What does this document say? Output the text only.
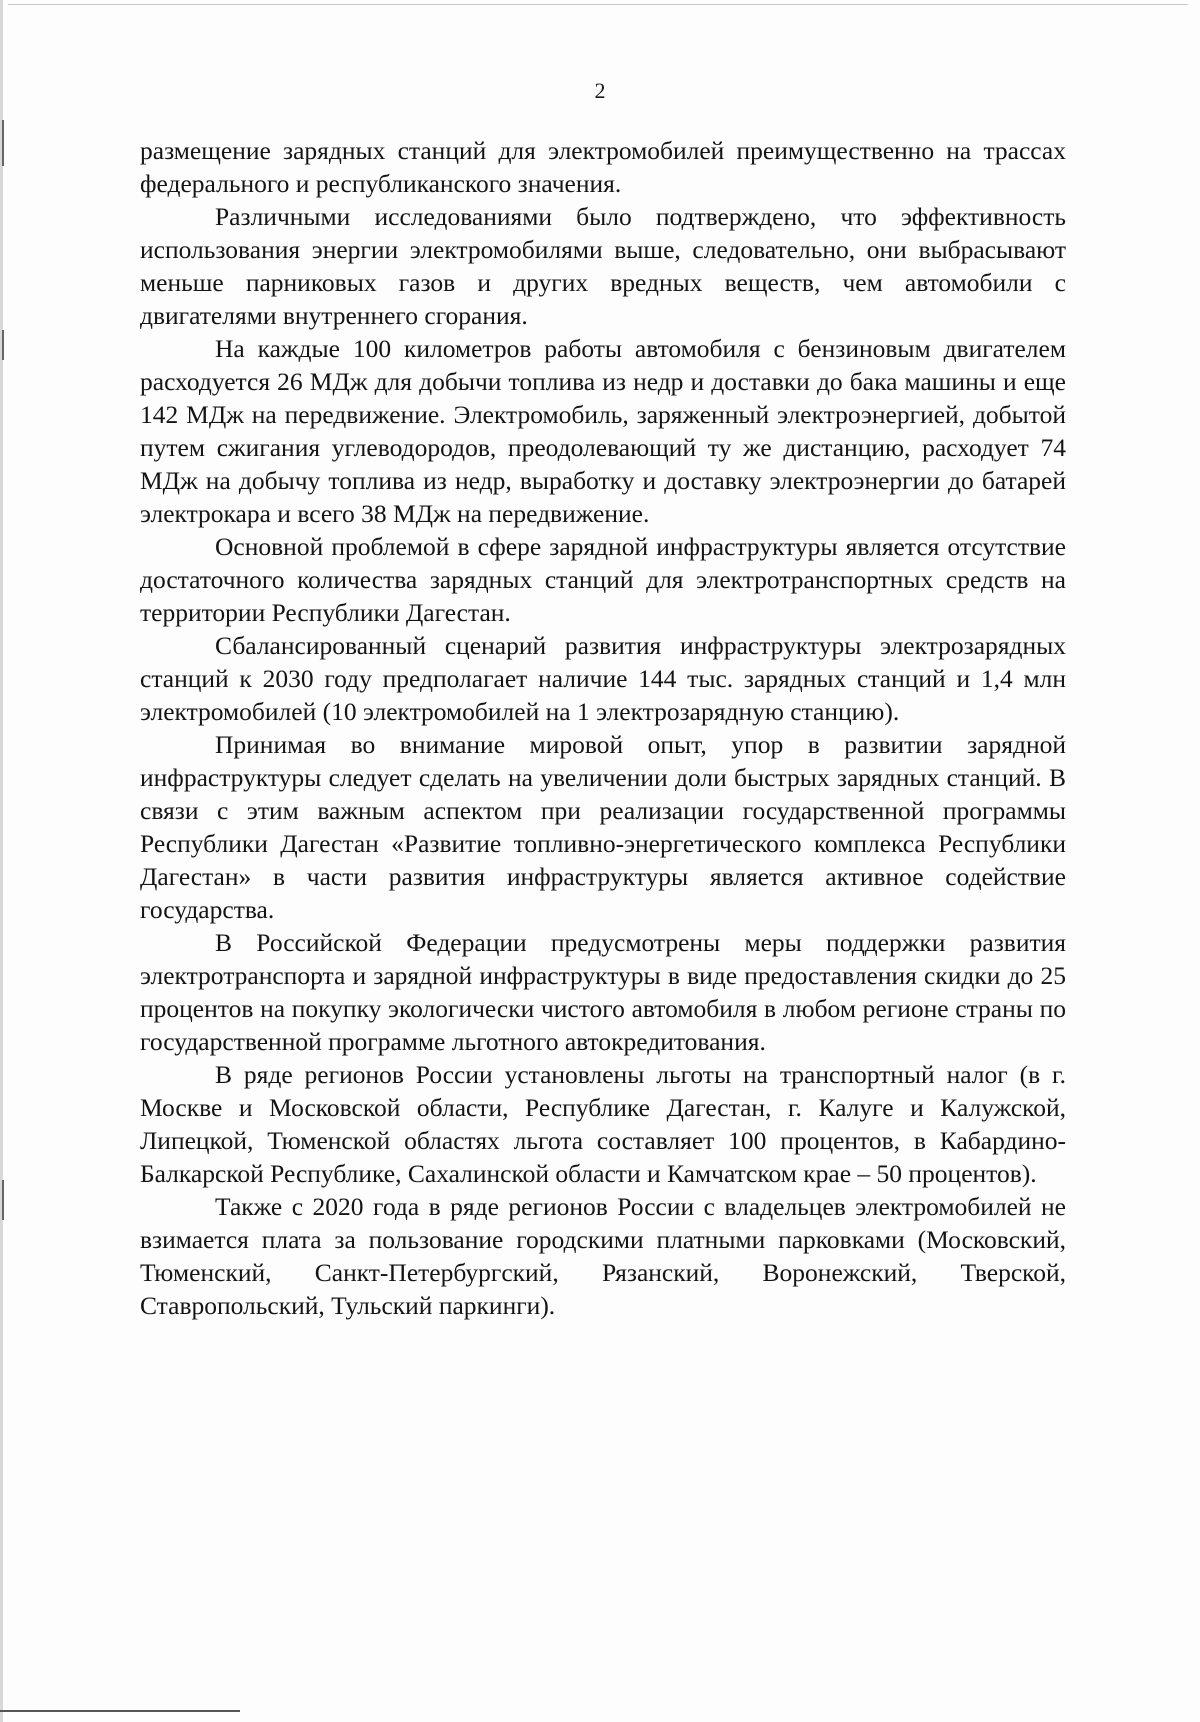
2

размещение зарядных станций для электромобилей преимущественно на трассах федерального и республиканского значения.

Различными исследованиями было подтверждено, что эффективность использования энергии электромобилями выше, следовательно, они выбрасывают меньше парниковых газов и других вредных веществ, чем автомобили с двигателями внутреннего сгорания.

На каждые 100 километров работы автомобиля с бензиновым двигателем расходуется 26 МДж для добычи топлива из недр и доставки до бака машины и еще 142 МДж на передвижение. Электромобиль, заряженный электроэнергией, добытой путем сжигания углеводородов, преодолевающий ту же дистанцию, расходует 74 МДж на добычу топлива из недр, выработку и доставку электроэнергии до батарей электрокара и всего 38 МДж на передвижение.

Основной проблемой в сфере зарядной инфраструктуры является отсутствие достаточного количества зарядных станций для электротранспортных средств на территории Республики Дагестан.

Сбалансированный сценарий развития инфраструктуры электрозарядных станций к 2030 году предполагает наличие 144 тыс. зарядных станций и 1,4 млн электромобилей (10 электромобилей на 1 электрозарядную станцию).

Принимая во внимание мировой опыт, упор в развитии зарядной инфраструктуры следует сделать на увеличении доли быстрых зарядных станций. В связи с этим важным аспектом при реализации государственной программы Республики Дагестан «Развитие топливно-энергетического комплекса Республики Дагестан» в части развития инфраструктуры является активное содействие государства.

В Российской Федерации предусмотрены меры поддержки развития электротранспорта и зарядной инфраструктуры в виде предоставления скидки до 25 процентов на покупку экологически чистого автомобиля в любом регионе страны по государственной программе льготного автокредитования.

В ряде регионов России установлены льготы на транспортный налог (в г. Москве и Московской области, Республике Дагестан, г. Калуге и Калужской, Липецкой, Тюменской областях льгота составляет 100 процентов, в Кабардино-Балкарской Республике, Сахалинской области и Камчатском крае – 50 процентов).

Также с 2020 года в ряде регионов России с владельцев электромобилей не взимается плата за пользование городскими платными парковками (Московский, Тюменский, Санкт-Петербургский, Рязанский, Воронежский, Тверской, Ставропольский, Тульский паркинги).
